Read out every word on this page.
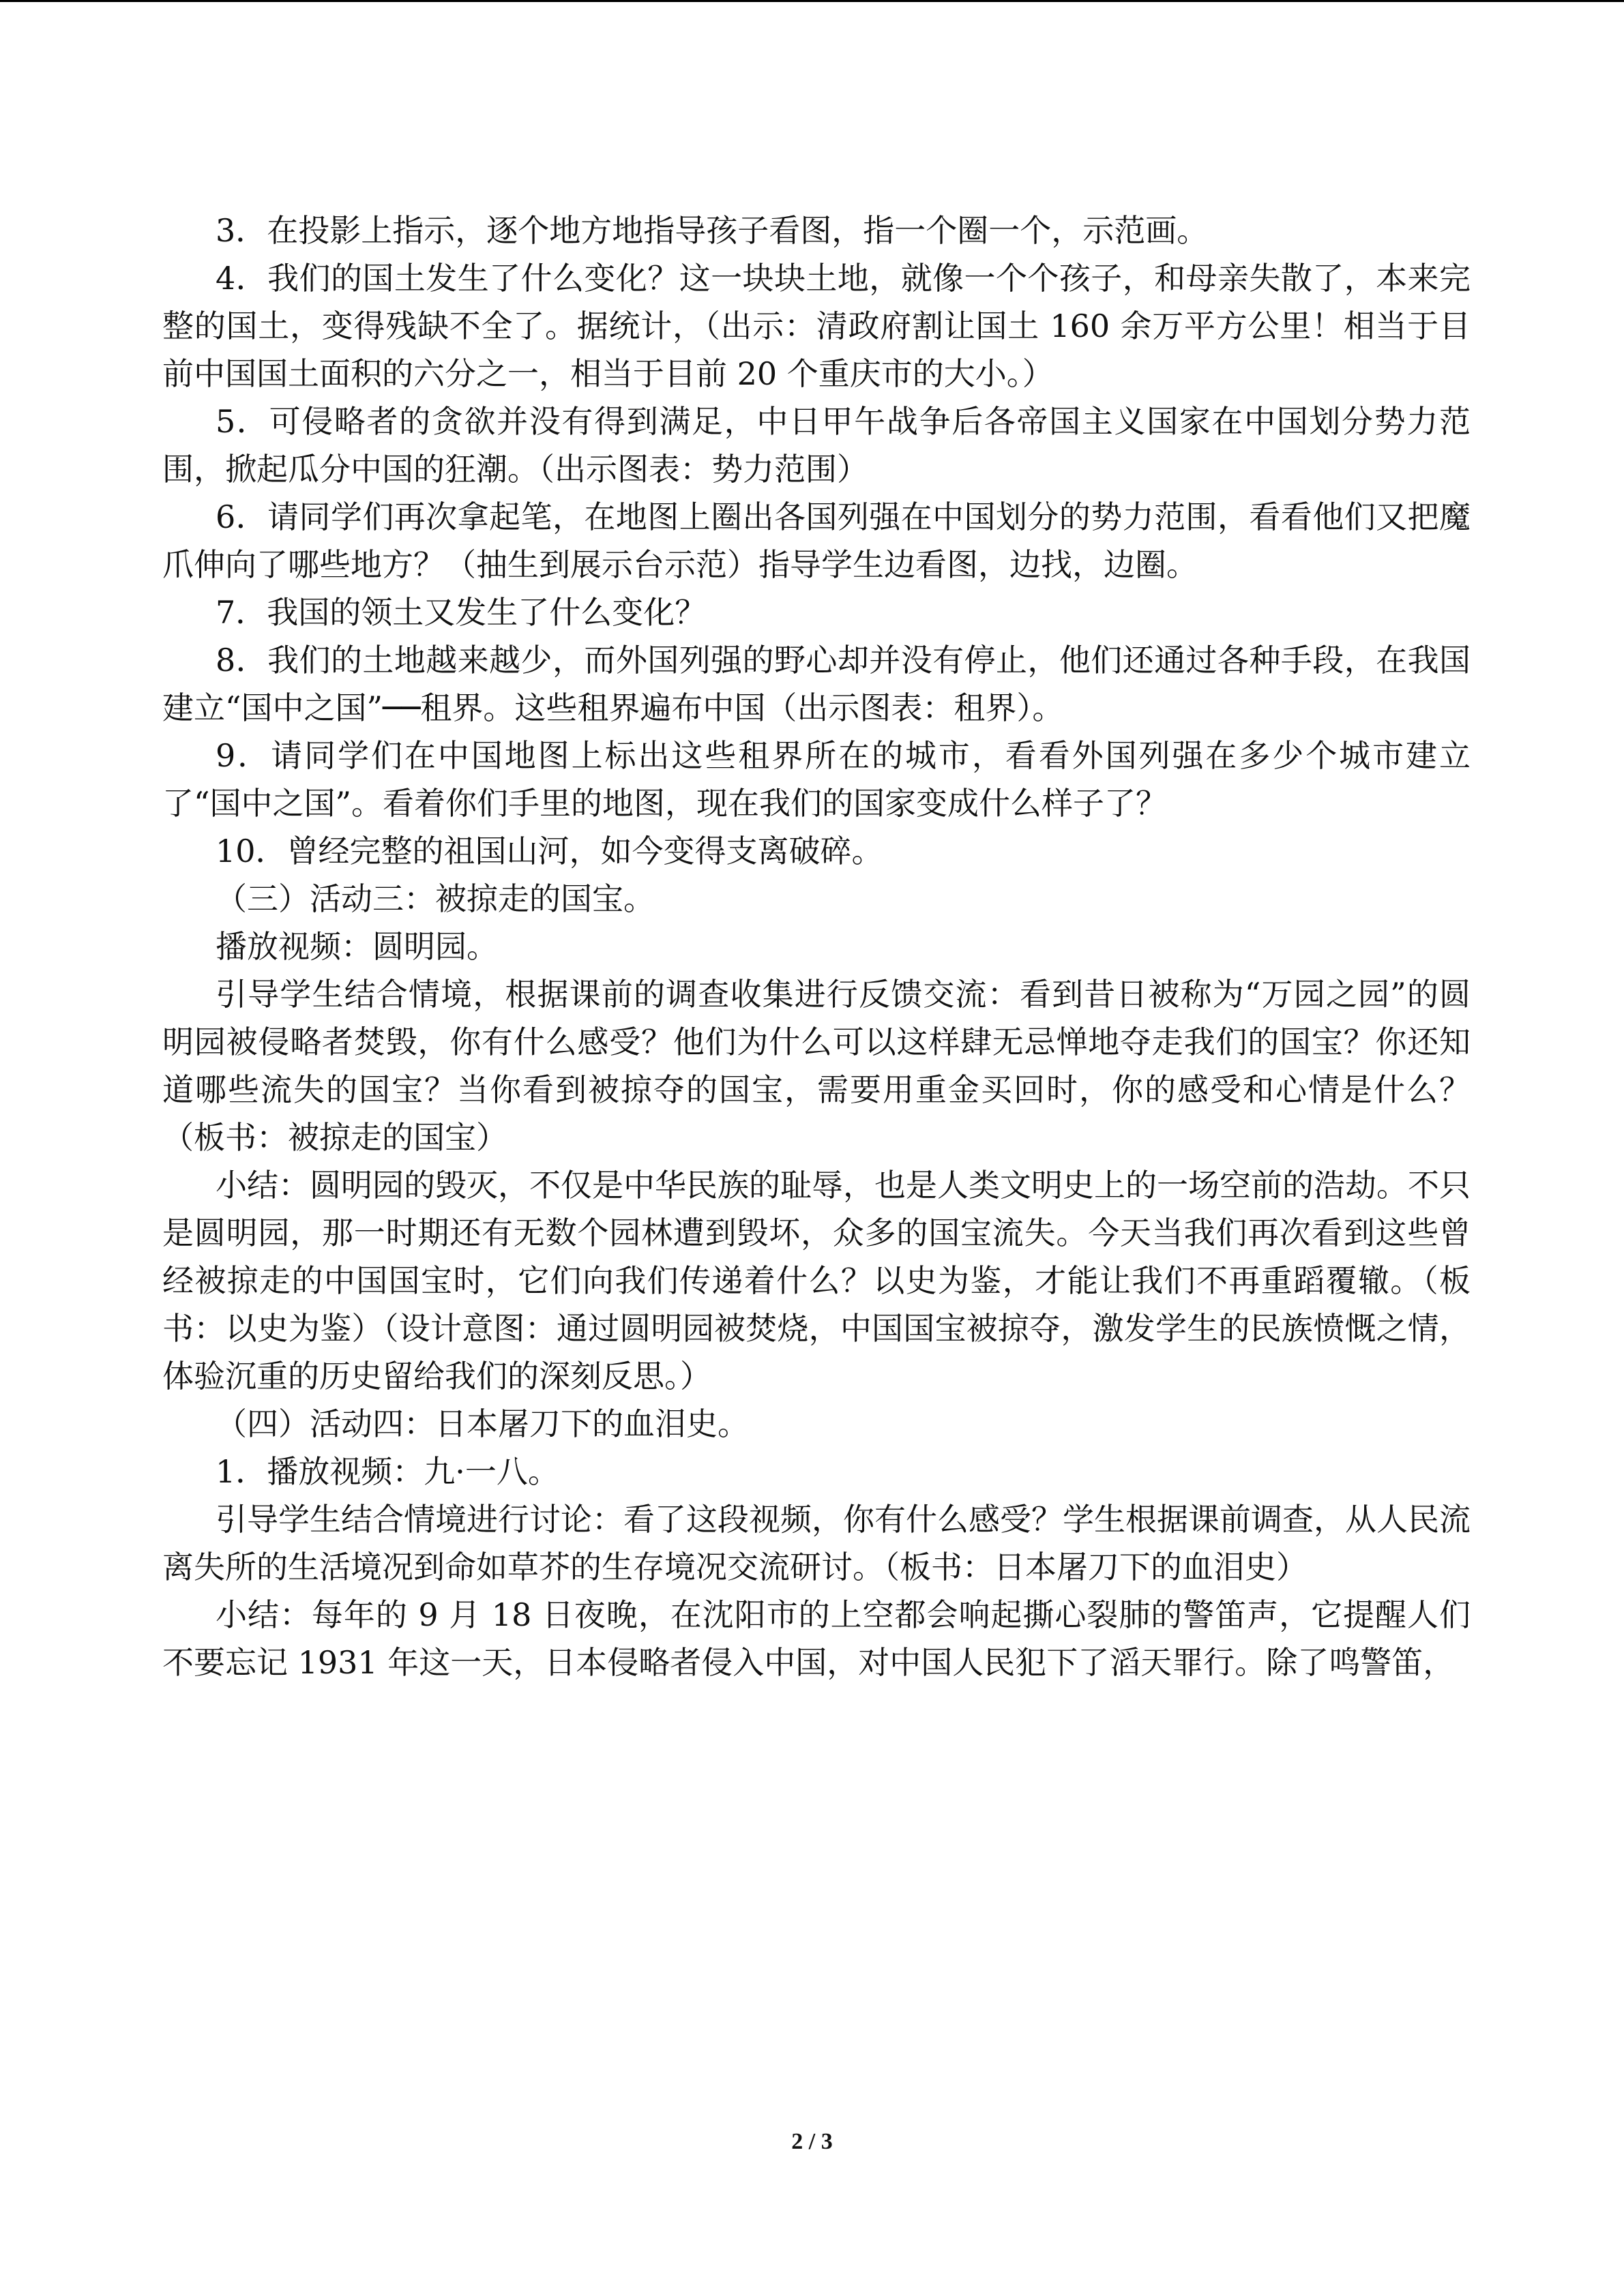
3．在投影上指示，逐个地方地指导孩子看图，指一个圈一个，示范画。

4．我们的国土发生了什么变化？这一块块土地，就像一个个孩子，和母亲失散了，本来完整的国土，变得残缺不全了。据统计，（出示：清政府割让国土 160 余万平方公里！相当于目前中国国土面积的六分之一，相当于目前 20 个重庆市的大小。）

5．可侵略者的贪欲并没有得到满足，中日甲午战争后各帝国主义国家在中国划分势力范围，掀起瓜分中国的狂潮。（出示图表：势力范围）

6．请同学们再次拿起笔，在地图上圈出各国列强在中国划分的势力范围，看看他们又把魔爪伸向了哪些地方？（抽生到展示台示范）指导学生边看图，边找，边圈。

7．我国的领土又发生了什么变化？

8．我们的土地越来越少，而外国列强的野心却并没有停止，他们还通过各种手段，在我国建立“国中之国”──租界。这些租界遍布中国（出示图表：租界）。

9．请同学们在中国地图上标出这些租界所在的城市，看看外国列强在多少个城市建立了“国中之国”。看着你们手里的地图，现在我们的国家变成什么样子了？

10．曾经完整的祖国山河，如今变得支离破碎。

（三）活动三：被掠走的国宝。

播放视频：圆明园。

引导学生结合情境，根据课前的调查收集进行反馈交流：看到昔日被称为“万园之园”的圆明园被侵略者焚毁，你有什么感受？他们为什么可以这样肆无忌惮地夺走我们的国宝？你还知道哪些流失的国宝？当你看到被掠夺的国宝，需要用重金买回时，你的感受和心情是什么？（板书：被掠走的国宝）

小结：圆明园的毁灭，不仅是中华民族的耻辱，也是人类文明史上的一场空前的浩劫。不只是圆明园，那一时期还有无数个园林遭到毁坏，众多的国宝流失。今天当我们再次看到这些曾经被掠走的中国国宝时，它们向我们传递着什么？以史为鉴，才能让我们不再重蹈覆辙。（板书：以史为鉴）（设计意图：通过圆明园被焚烧，中国国宝被掠夺，激发学生的民族愤慨之情，体验沉重的历史留给我们的深刻反思。）

（四）活动四：日本屠刀下的血泪史。

1．播放视频：九·一八。

引导学生结合情境进行讨论：看了这段视频，你有什么感受？学生根据课前调查，从人民流离失所的生活境况到命如草芥的生存境况交流研讨。（板书：日本屠刀下的血泪史）

小结：每年的 9 月 18 日夜晚，在沈阳市的上空都会响起撕心裂肺的警笛声，它提醒人们不要忘记 1931 年这一天，日本侵略者侵入中国，对中国人民犯下了滔天罪行。除了鸣警笛，

2 / 3
